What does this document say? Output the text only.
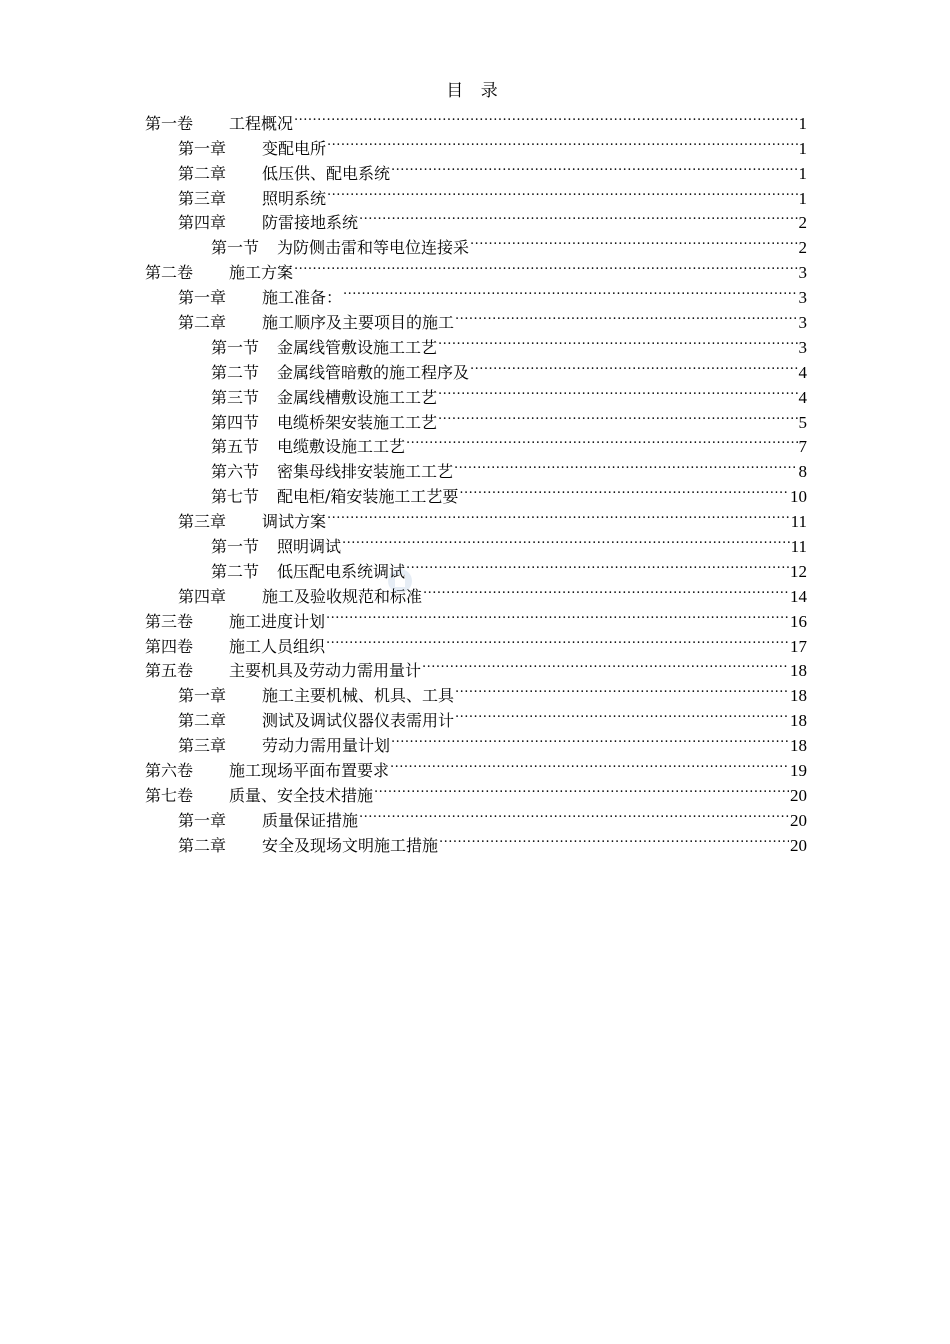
目 录
第一卷	工程概况 .....	1
第一章	变配电所 .....	1
第二章	低压供、配电系统 .....	1
第三章	照明系统 .....	1
第四章	防雷接地系统 .....	2
第一节	为防侧击雷和等电位连接采 .....	2
第二卷	施工方案 .....	3
第一章	施工准备： .....	3
第二章	施工顺序及主要项目的施工 .....	3
第一节	金属线管敷设施工工艺 .....	3
第二节	金属线管暗敷的施工程序及 .....	4
第三节	金属线槽敷设施工工艺 .....	4
第四节	电缆桥架安装施工工艺 .....	5
第五节	电缆敷设施工工艺 .....	7
第六节	密集母线排安装施工工艺 .....	8
第七节	配电柜/箱安装施工工艺要 .....	10
第三章	调试方案 .....	11
第一节	照明调试 .....	11
第二节	低压配电系统调试 .....	12
第四章	施工及验收规范和标准 .....	14
第三卷	施工进度计划 .....	16
第四卷	施工人员组织 .....	17
第五卷	主要机具及劳动力需用量计 .....	18
第一章	施工主要机械、机具、工具 .....	18
第二章	测试及调试仪器仪表需用计 .....	18
第三章	劳动力需用量计划 .....	18
第六卷	施工现场平面布置要求 .....	19
第七卷	质量、安全技术措施 .....	20
第一章	质量保证措施 .....	20
第二章	安全及现场文明施工措施 .....	20
